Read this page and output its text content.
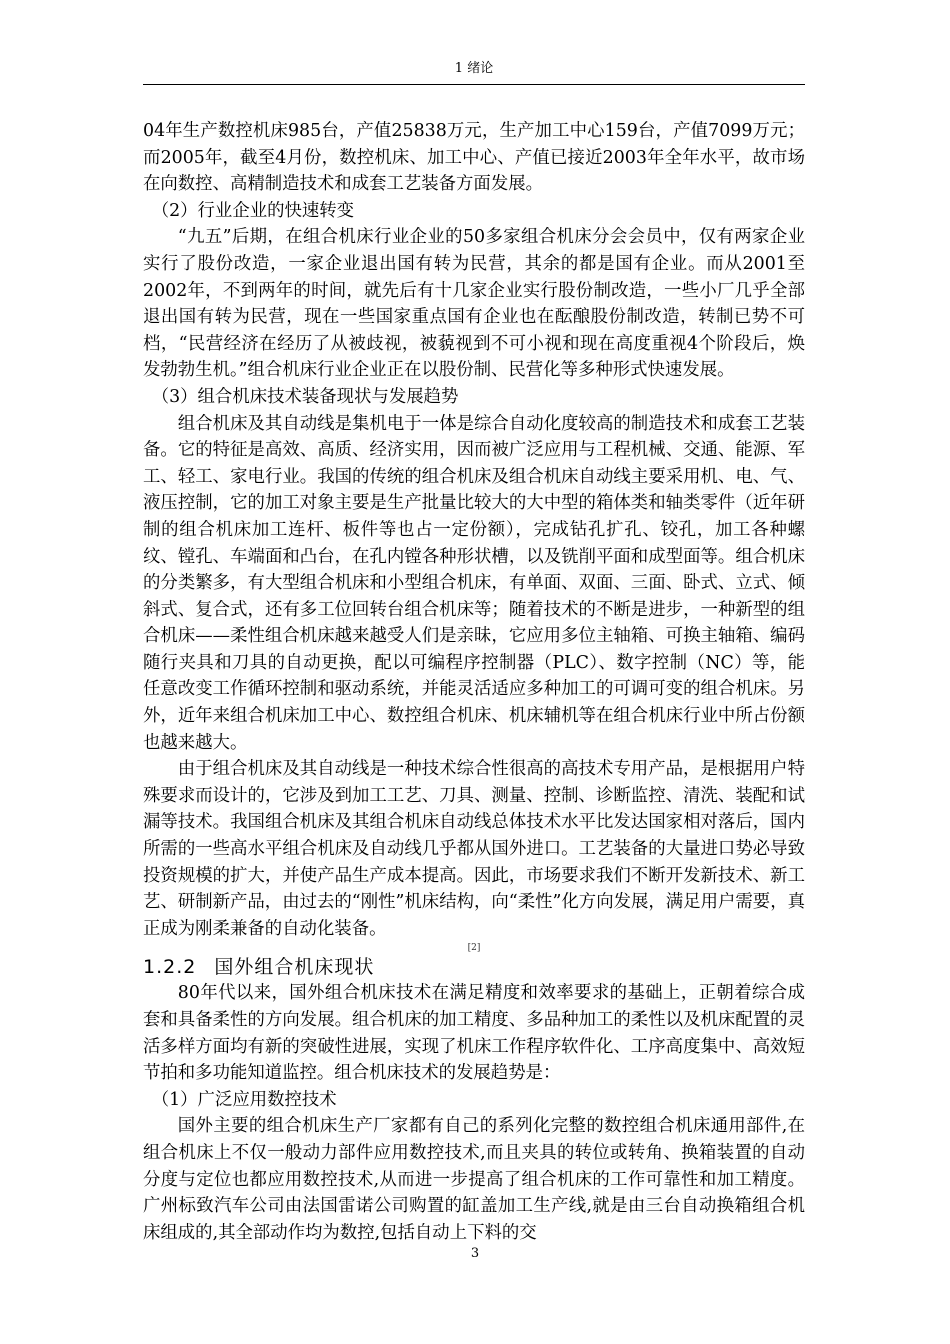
1 绪论

04年生产数控机床985台，产值25838万元，生产加工中心159台，产值7099万元；而2005年，截至4月份，数控机床、加工中心、产值已接近2003年全年水平，故市场在向数控、高精制造技术和成套工艺装备方面发展。

（2）行业企业的快速转变

“九五”后期，在组合机床行业企业的50多家组合机床分会会员中，仅有两家企业实行了股份改造，一家企业退出国有转为民营，其余的都是国有企业。而从2001至2002年，不到两年的时间，就先后有十几家企业实行股份制改造，一些小厂几乎全部退出国有转为民营，现在一些国家重点国有企业也在酝酿股份制改造，转制已势不可档，“民营经济在经历了从被歧视，被藐视到不可小视和现在高度重视4个阶段后，焕发勃勃生机。”组合机床行业企业正在以股份制、民营化等多种形式快速发展。

（3）组合机床技术装备现状与发展趋势

组合机床及其自动线是集机电于一体是综合自动化度较高的制造技术和成套工艺装备。它的特征是高效、高质、经济实用，因而被广泛应用与工程机械、交通、能源、军工、轻工、家电行业。我国的传统的组合机床及组合机床自动线主要采用机、电、气、液压控制，它的加工对象主要是生产批量比较大的大中型的箱体类和轴类零件（近年研制的组合机床加工连杆、板件等也占一定份额），完成钻孔扩孔、铰孔，加工各种螺纹、镗孔、车端面和凸台，在孔内镗各种形状槽，以及铣削平面和成型面等。组合机床的分类繁多，有大型组合机床和小型组合机床，有单面、双面、三面、卧式、立式、倾斜式、复合式，还有多工位回转台组合机床等；随着技术的不断是进步，一种新型的组合机床——柔性组合机床越来越受人们是亲昧，它应用多位主轴箱、可换主轴箱、编码随行夹具和刀具的自动更换，配以可编程序控制器（PLC）、数字控制（NC）等，能任意改变工作循环控制和驱动系统，并能灵活适应多种加工的可调可变的组合机床。另外，近年来组合机床加工中心、数控组合机床、机床辅机等在组合机床行业中所占份额也越来越大。

由于组合机床及其自动线是一种技术综合性很高的高技术专用产品，是根据用户特殊要求而设计的，它涉及到加工工艺、刀具、测量、控制、诊断监控、清洗、装配和试漏等技术。我国组合机床及其组合机床自动线总体技术水平比发达国家相对落后，国内所需的一些高水平组合机床及自动线几乎都从国外进口。工艺装备的大量进口势必导致投资规模的扩大，并使产品生产成本提高。因此，市场要求我们不断开发新技术、新工艺、研制新产品，由过去的“刚性”机床结构，向“柔性”化方向发展，满足用户需要，真正成为刚柔兼备的自动化装备。

[2]

1.2.2 国外组合机床现状

80年代以来，国外组合机床技术在满足精度和效率要求的基础上，正朝着综合成套和具备柔性的方向发展。组合机床的加工精度、多品种加工的柔性以及机床配置的灵活多样方面均有新的突破性进展，实现了机床工作程序软件化、工序高度集中、高效短节拍和多功能知道监控。组合机床技术的发展趋势是：

（1）广泛应用数控技术

国外主要的组合机床生产厂家都有自己的系列化完整的数控组合机床通用部件,在组合机床上不仅一般动力部件应用数控技术,而且夹具的转位或转角、换箱装置的自动分度与定位也都应用数控技术,从而进一步提高了组合机床的工作可靠性和加工精度。广州标致汽车公司由法国雷诺公司购置的缸盖加工生产线,就是由三台自动换箱组合机床组成的,其全部动作均为数控,包括自动上下料的交

3
